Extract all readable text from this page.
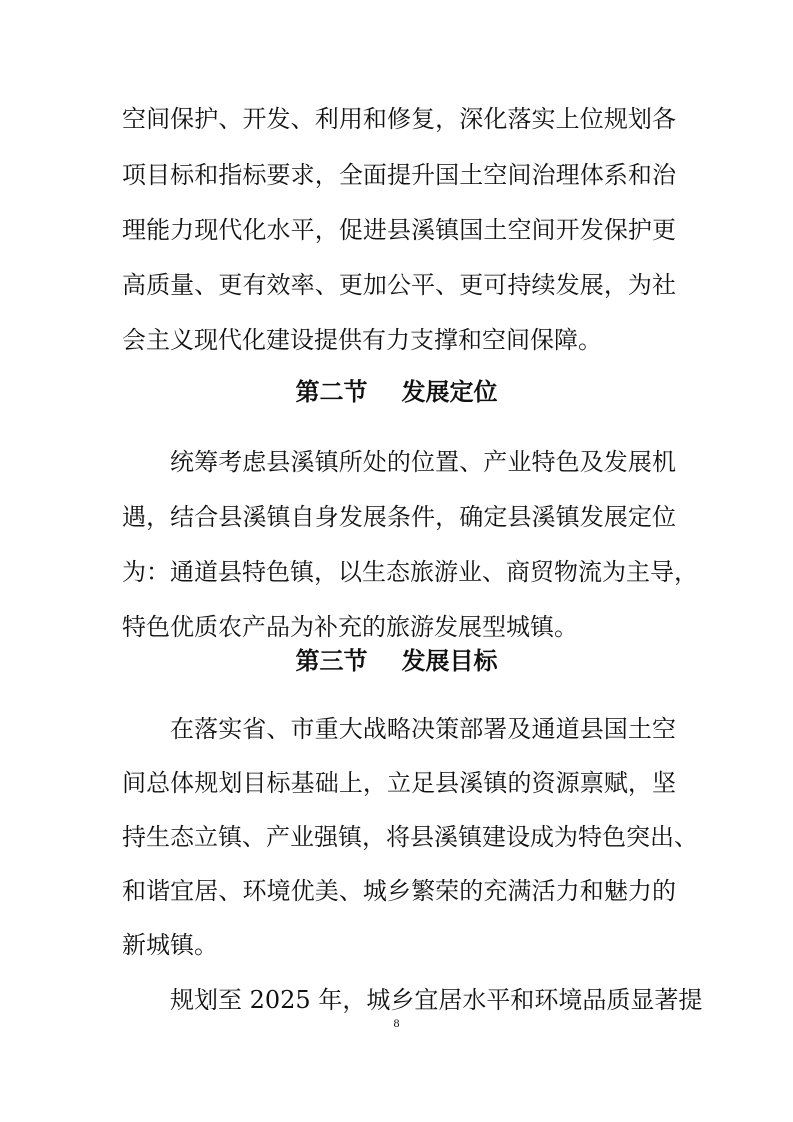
空间保护、开发、利用和修复，深化落实上位规划各
项目标和指标要求，全面提升国土空间治理体系和治
理能力现代化水平，促进县溪镇国土空间开发保护更
高质量、更有效率、更加公平、更可持续发展，为社
会主义现代化建设提供有力支撑和空间保障。
第二节 发展定位
统筹考虑县溪镇所处的位置、产业特色及发展机
遇，结合县溪镇自身发展条件，确定县溪镇发展定位
为：通道县特色镇，以生态旅游业、商贸物流为主导，
特色优质农产品为补充的旅游发展型城镇。
第三节 发展目标
在落实省、市重大战略决策部署及通道县国土空
间总体规划目标基础上，立足县溪镇的资源禀赋，坚
持生态立镇、产业强镇，将县溪镇建设成为特色突出、
和谐宜居、环境优美、城乡繁荣的充满活力和魅力的
新城镇。
规划至 2025 年，城乡宜居水平和环境品质显著提
8
